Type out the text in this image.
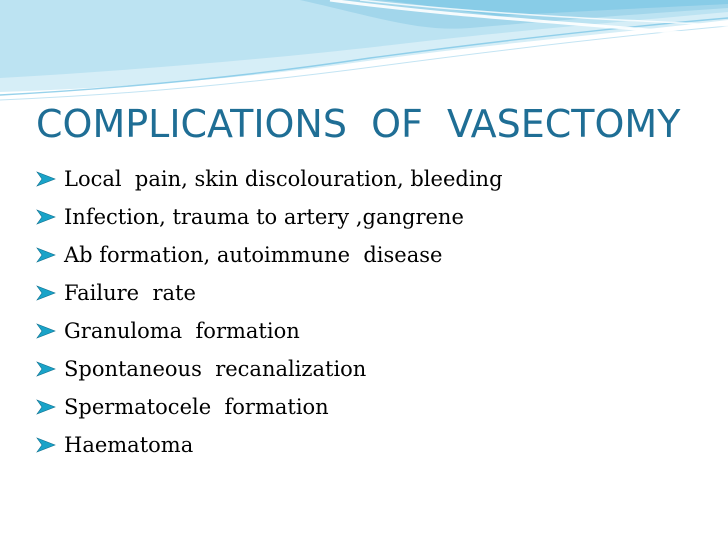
COMPLICATIONS  OF  VASECTOMY
Local  pain, skin discolouration, bleeding
Infection, trauma to artery ,gangrene
Ab formation, autoimmune  disease
Failure  rate
Granuloma  formation
Spontaneous  recanalization
Spermatocele  formation
Haematoma
